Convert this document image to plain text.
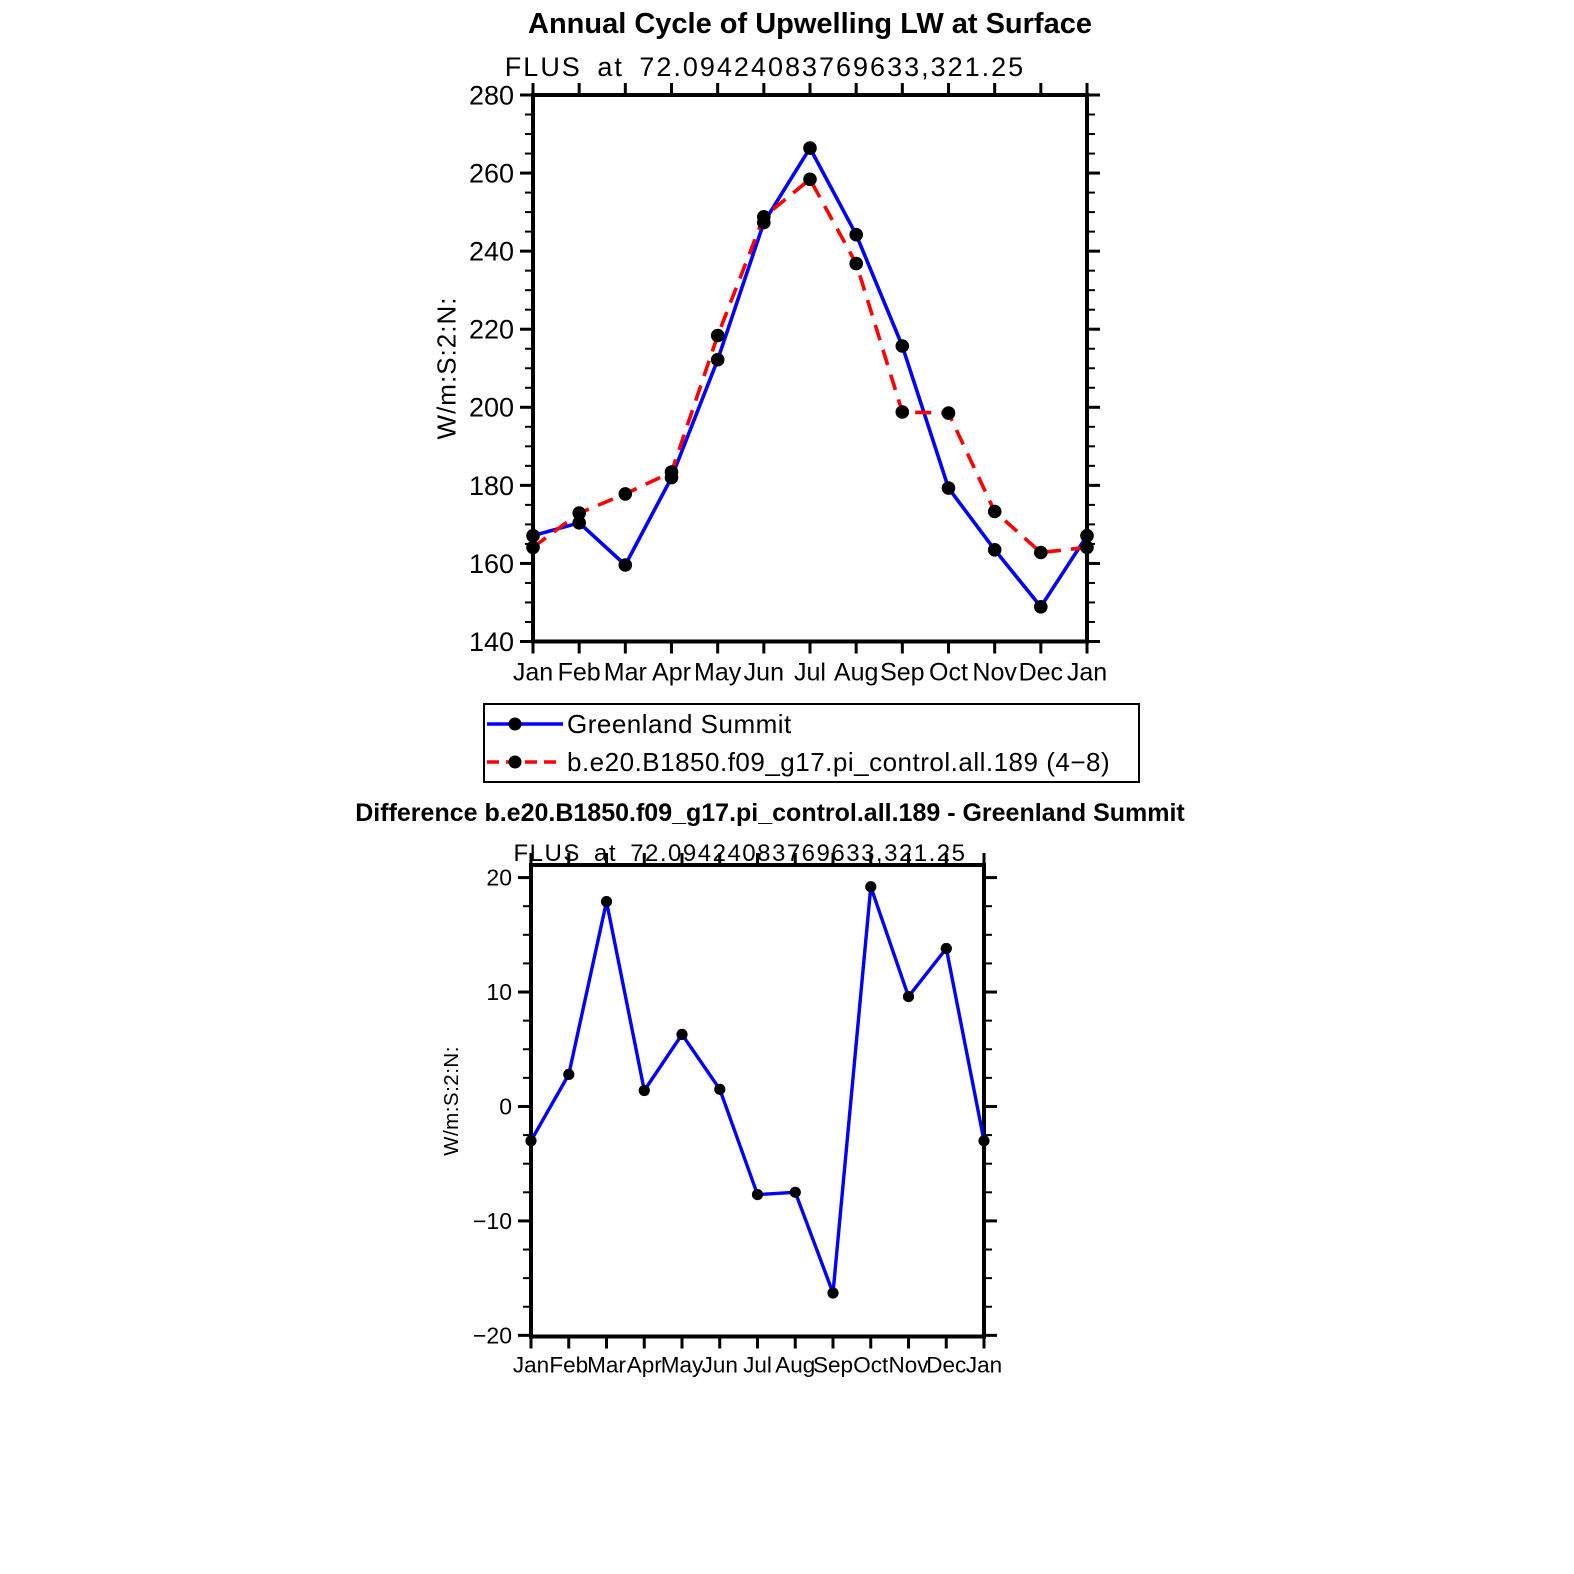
140
160
180
200
220
240
260
280
Jan Feb Mar Apr May Jun Jul Aug Sep Oct Nov Dec Jan
−20
−10
0
10
20
Jan Feb
Mar Apr
May
Jun Jul Aug
Sep Oct Nov
Dec Jan
Annual Cycle of Upwelling LW at Surface
FLUS at 72.09424083769633,321.25
W/m:S:2:N:
Greenland Summit
b.e20.B1850.f09_g17.pi_control.all.189 (4−8)
Difference b.e20.B1850.f09_g17.pi_control.all.189 - Greenland Summit
FLUS at 72.09424083769633,321.25
W/m:S:2:N:
